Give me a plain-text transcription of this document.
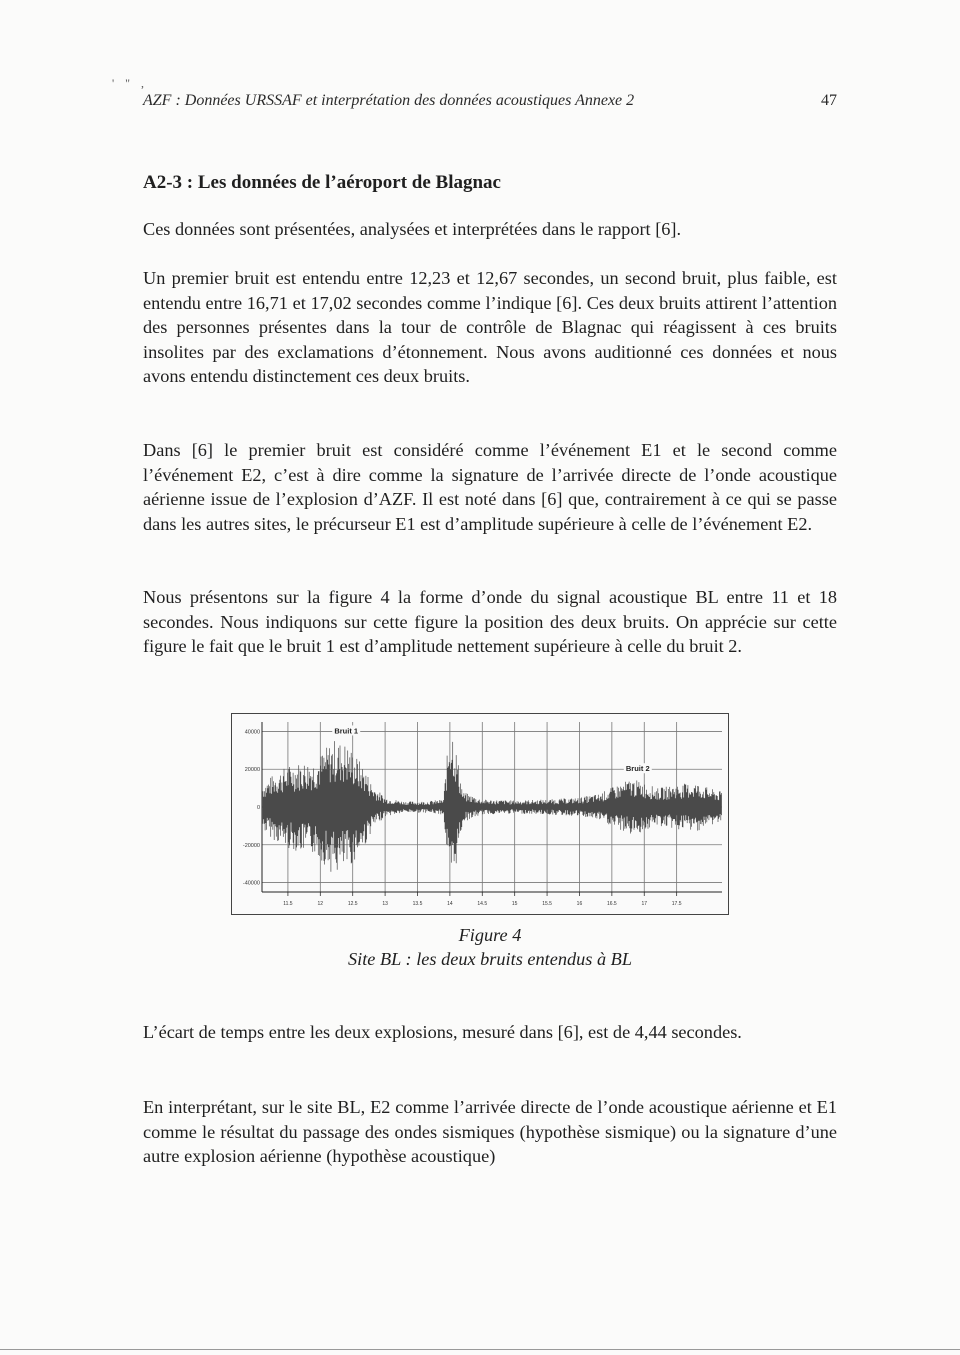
' " ,
AZF : Données URSSAF et interprétation des données acoustiques Annexe 2	47
A2-3 : Les données de l’aéroport de Blagnac

Ces données sont présentées, analysées et interprétées dans le rapport [6].

Un premier bruit est entendu entre 12,23 et 12,67 secondes, un second bruit, plus faible, est entendu entre 16,71 et 17,02 secondes comme l’indique [6]. Ces deux bruits attirent l’attention des personnes présentes dans la tour de contrôle de Blagnac qui réagissent à ces bruits insolites par des exclamations d’étonnement. Nous avons auditionné ces données et nous avons entendu distinctement ces deux bruits.

Dans [6] le premier bruit est considéré comme l’événement E1 et le second comme l’événement E2, c’est à dire comme la signature de l’arrivée directe de l’onde acoustique aérienne issue de l’explosion d’AZF. Il est noté dans [6] que, contrairement à ce qui se passe dans les autres sites, le précurseur E1 est d’amplitude supérieure à celle de l’événement E2.

Nous présentons sur la figure 4 la forme d’onde du signal acoustique BL entre 11 et 18 secondes. Nous indiquons sur cette figure la position des deux bruits. On apprécie sur cette figure le fait que le bruit 1 est d’amplitude nettement supérieure à celle du bruit 2.

40000
20000
0
-20000
-40000
11.5	12	12.5	13	13.5	14	14.5	15	15.5	16	16.5	17	17.5
Bruit 1
Bruit 2
Figure 4
Site BL : les deux bruits entendus à BL

L’écart de temps entre les deux explosions, mesuré dans [6], est de 4,44 secondes.

En interprétant, sur le site BL, E2 comme l’arrivée directe de l’onde acoustique aérienne et E1 comme le résultat du passage des ondes sismiques (hypothèse sismique) ou la signature d’une autre explosion aérienne (hypothèse acoustique)
